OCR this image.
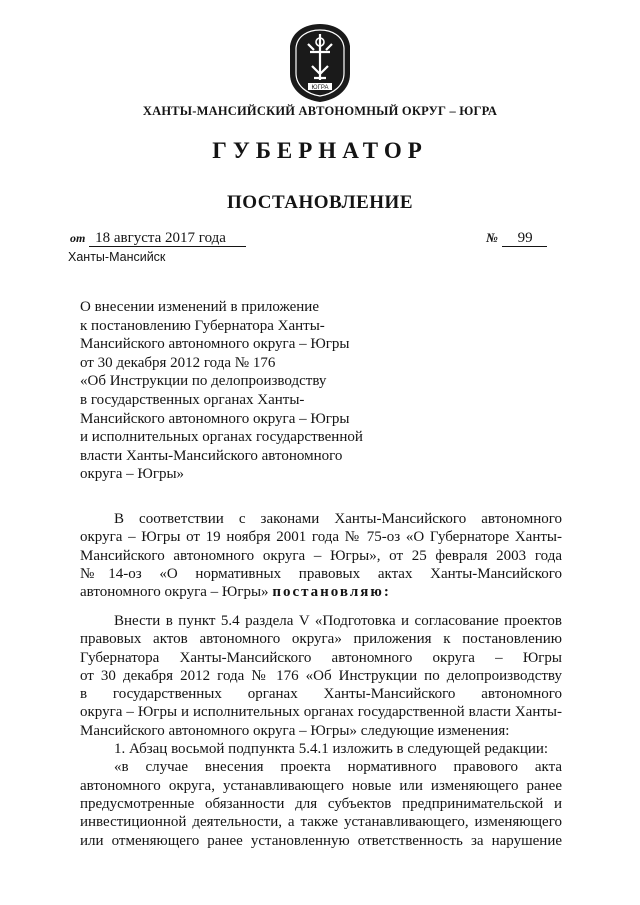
ЮГРА
ХАНТЫ-МАНСИЙСКИЙ АВТОНОМНЫЙ ОКРУГ – ЮГРА
ГУБЕРНАТОР
ПОСТАНОВЛЕНИЕ
от 18 августа 2017 года	№ 99
Ханты-Мансийск
О внесении изменений в приложение
к постановлению Губернатора Ханты-
Мансийского автономного округа – Югры
от 30 декабря 2012 года № 176
«Об Инструкции по делопроизводству
в государственных органах Ханты-
Мансийского автономного округа – Югры
и исполнительных органах государственной
власти Ханты-Мансийского автономного
округа – Югры»
В соответствии с законами Ханты-Мансийского автономного
округа – Югры от 19 ноября 2001 года № 75-оз «О Губернаторе Ханты-
Мансийского автономного округа – Югры», от 25 февраля 2003 года
№14-оз «О нормативных правовых актах Ханты-Мансийского
автономного округа – Югры» постановляю:
Внести в пункт 5.4 раздела V «Подготовка и согласование проектов
правовых актов автономного округа» приложения к постановлению
Губернатора Ханты-Мансийского автономного округа – Югры
от 30 декабря 2012 года № 176 «Об Инструкции по делопроизводству
в государственных органах Ханты-Мансийского автономного
округа – Югры и исполнительных органах государственной власти Ханты-
Мансийского автономного округа – Югры» следующие изменения:
1. Абзац восьмой подпункта 5.4.1 изложить в следующей редакции:
«в случае внесения проекта нормативного правового акта
автономного округа, устанавливающего новые или изменяющего ранее
предусмотренные обязанности для субъектов предпринимательской и
инвестиционной деятельности, а также устанавливающего, изменяющего
или отменяющего ранее установленную ответственность за нарушение
